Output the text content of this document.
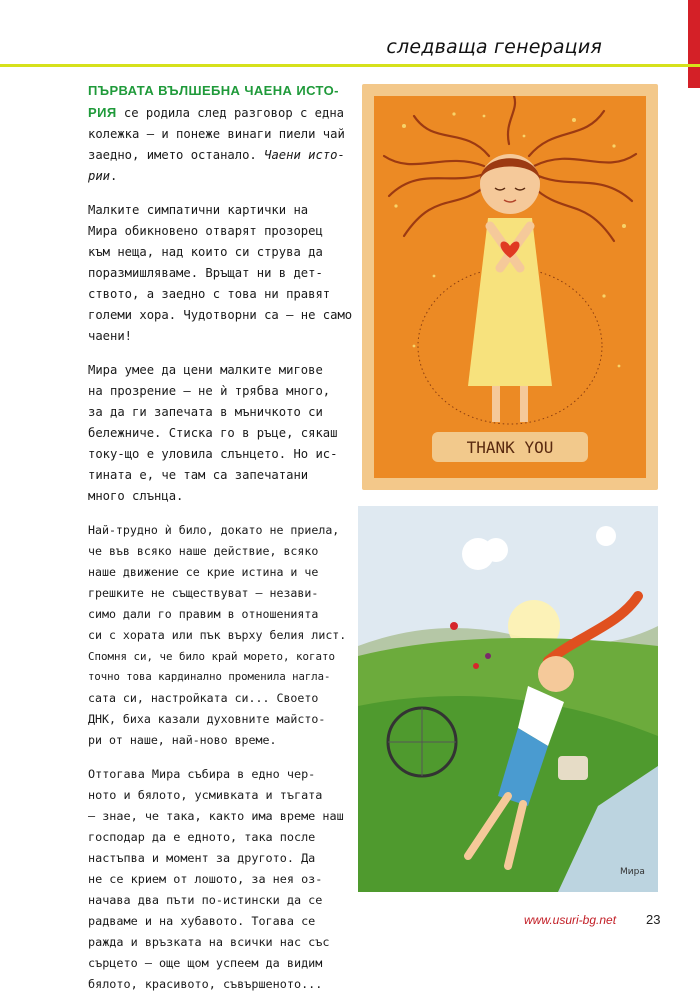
следваща генерация

ПЪРВАТА ВЪЛШЕБНА ЧАЕНА ИСТО-
РИЯ се родила след разговор с една
колежка – и понеже винаги пиели чай
заедно, името останало. Чаени исто-
рии.

Малките симпатични картички на
Мира обикновено отварят прозорец
към неща, над които си струва да
поразмишляваме. Връщат ни в дет-
ството, а заедно с това ни правят
големи хора. Чудотворни са – не само
чаени!

Мира умее да цени малките мигове
на прозрение – не ѝ трябва много,
за да ги запечата в мъничкото си
бележниче. Стиска го в ръце, сякаш
току-що е уловила слънцето. Но ис-
тината е, че там са запечатани
много слънца.

Най-трудно ѝ било, докато не приела,
че във всяко наше действие, всяко
наше движение се крие истина и че
грешките не съществуват – незави-
симо дали го правим в отношенията
си с хората или пък върху белия лист.
Спомня си, че било край морето, когато
точно това кардинално променила нагла-
сата си, настройката си... Своето
ДНК, биха казали духовните майстo-
ри от наше, най-ново време.

Оттогава Мира събира в едно чер-
ното и бялото, усмивката и тъгата
– знае, че така, както има време наш
господар да е едното, така после
настъпва и момент за другото. Да
не се крием от лошото, за нея оз-
начава два пъти по-истински да се
радваме и на хубавото. Тогава се
ражда и връзката на всички нас със
сърцето – още щом успеем да видим
бялото, красивото, съвършеното...

THANK YOU
Мира
www.usuri-bg.net 23
